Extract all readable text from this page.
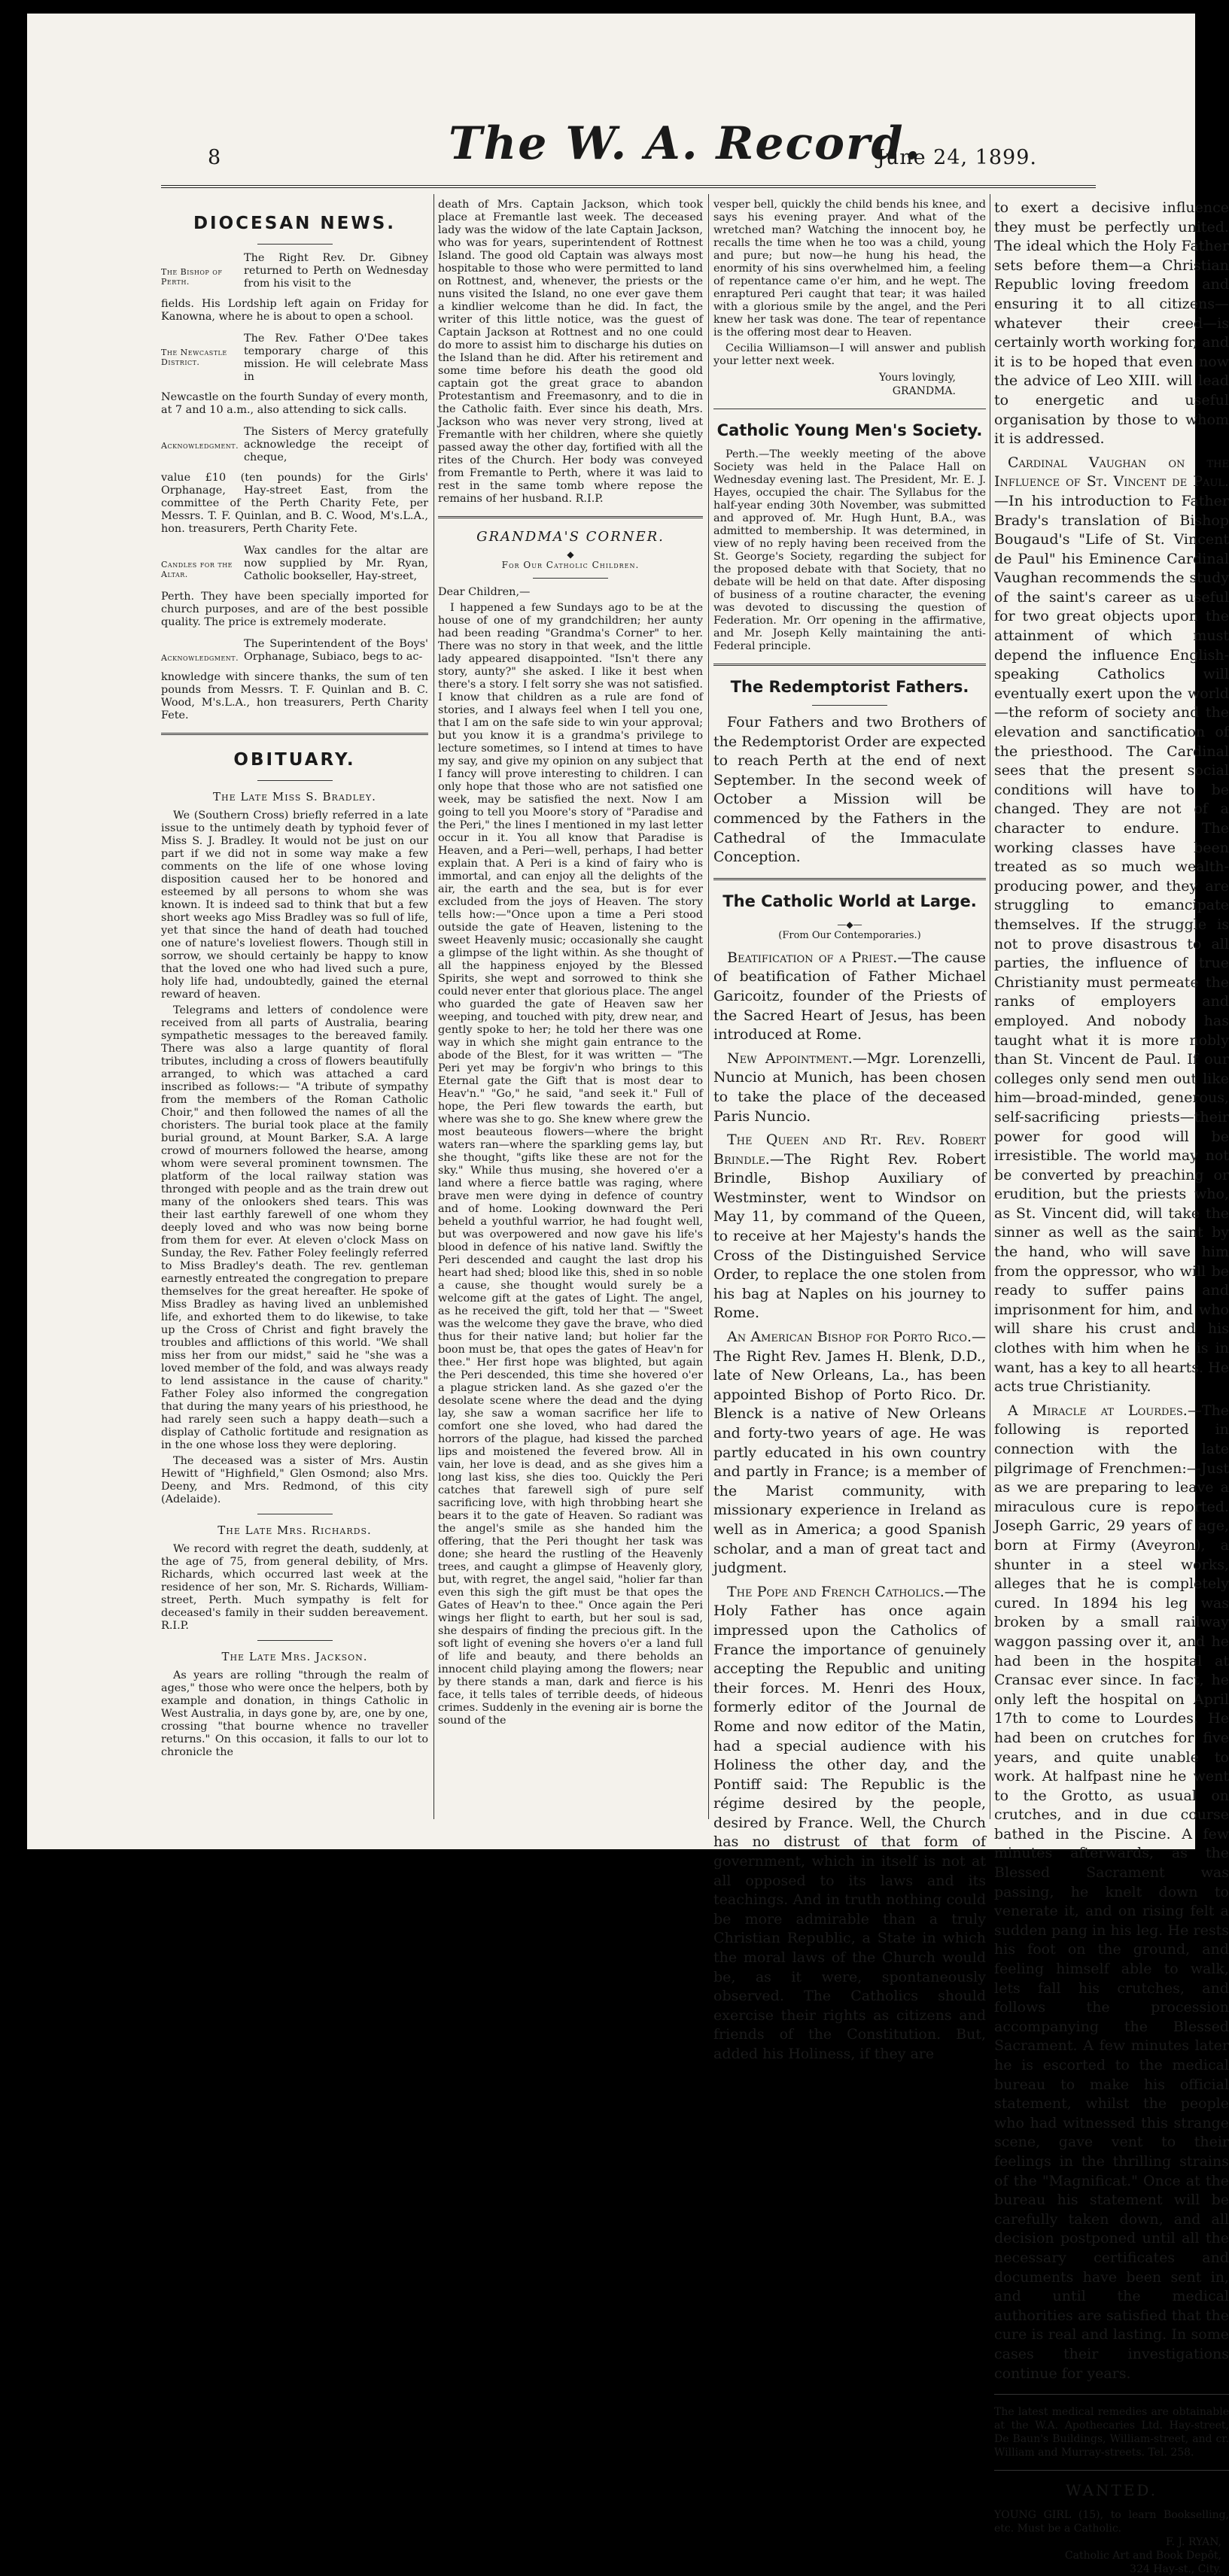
8	The W. A. Record.
June 24, 1899.
DIOCESAN NEWS.
The Bishop of Perth.
The Right Rev. Dr. Gibney returned to Perth on Wednesday from his visit to the
fields. His Lordship left again on Friday for Kanowna, where he is about to open a school.
The Newcastle District.
The Rev. Father O'Dee takes temporary charge of this mission. He will celebrate Mass in
Newcastle on the fourth Sunday of every month, at 7 and 10 a.m., also attending to sick calls.
Acknowledgment.
The Sisters of Mercy gratefully acknowledge the receipt of cheque,
value £10 (ten pounds) for the Girls' Orphanage, Hay-street East, from the committee of the Perth Charity Fete, per Messrs. T. F. Quinlan, and B. C. Wood, M's.L.A., hon. treasurers, Perth Charity Fete.
Candles for the Altar.
Wax candles for the altar are now supplied by Mr. Ryan, Catholic bookseller, Hay-street,
Perth. They have been specially imported for church purposes, and are of the best possible quality. The price is extremely moderate.
Acknowledgment.
The Superintendent of the Boys' Orphanage, Subiaco, begs to ac-
knowledge with sincere thanks, the sum of ten pounds from Messrs. T. F. Quinlan and B. C. Wood, M's.L.A., hon treasurers, Perth Charity Fete.
OBITUARY.
The Late Miss S. Bradley.

We (Southern Cross) briefly referred in a late issue to the untimely death by typhoid fever of Miss S. J. Bradley. It would not be just on our part if we did not in some way make a few comments on the life of one whose loving disposition caused her to be honored and esteemed by all persons to whom she was known. It is indeed sad to think that but a few short weeks ago Miss Bradley was so full of life, yet that since the hand of death had touched one of nature's loveliest flowers. Though still in sorrow, we should certainly be happy to know that the loved one who had lived such a pure, holy life had, undoubtedly, gained the eternal reward of heaven.

Telegrams and letters of condolence were received from all parts of Australia, bearing sympathetic messages to the bereaved family. There was also a large quantity of floral tributes, including a cross of flowers beautifully arranged, to which was attached a card inscribed as follows:— "A tribute of sympathy from the members of the Roman Catholic Choir," and then followed the names of all the choristers. The burial took place at the family burial ground, at Mount Barker, S.A. A large crowd of mourners followed the hearse, among whom were several prominent townsmen. The platform of the local railway station was thronged with people and as the train drew out many of the onlookers shed tears. This was their last earthly farewell of one whom they deeply loved and who was now being borne from them for ever. At eleven o'clock Mass on Sunday, the Rev. Father Foley feelingly referred to Miss Bradley's death. The rev. gentleman earnestly entreated the congregation to prepare themselves for the great hereafter. He spoke of Miss Bradley as having lived an unblemished life, and exhorted them to do likewise, to take up the Cross of Christ and fight bravely the troubles and afflictions of this world. "We shall miss her from our midst," said he "she was a loved member of the fold, and was always ready to lend assistance in the cause of charity." Father Foley also informed the congregation that during the many years of his priesthood, he had rarely seen such a happy death—such a display of Catholic fortitude and resignation as in the one whose loss they were deploring.

The deceased was a sister of Mrs. Austin Hewitt of "Highfield," Glen Osmond; also Mrs. Deeny, and Mrs. Redmond, of this city (Adelaide).

The Late Mrs. Richards.

We record with regret the death, suddenly, at the age of 75, from general debility, of Mrs. Richards, which occurred last week at the residence of her son, Mr. S. Richards, William-street, Perth. Much sympathy is felt for deceased's family in their sudden bereavement. R.I.P.

The Late Mrs. Jackson.

As years are rolling "through the realm of ages," those who were once the helpers, both by example and donation, in things Catholic in West Australia, in days gone by, are, one by one, crossing "that bourne whence no traveller returns." On this occasion, it falls to our lot to chronicle the

death of Mrs. Captain Jackson, which took place at Fremantle last week. The deceased lady was the widow of the late Captain Jackson, who was for years, superintendent of Rottnest Island. The good old Captain was always most hospitable to those who were permitted to land on Rottnest, and, whenever, the priests or the nuns visited the Island, no one ever gave them a kindlier welcome than he did. In fact, the writer of this little notice, was the guest of Captain Jackson at Rottnest and no one could do more to assist him to discharge his duties on the Island than he did. After his retirement and some time before his death the good old captain got the great grace to abandon Protestantism and Freemasonry, and to die in the Catholic faith. Ever since his death, Mrs. Jackson who was never very strong, lived at Fremantle with her children, where she quietly passed away the other day, fortified with all the rites of the Church. Her body was conveyed from Fremantle to Perth, where it was laid to rest in the same tomb where repose the remains of her husband. R.I.P.

GRANDMA'S CORNER.
◆
For Our Catholic Children.

Dear Children,—

I happened a few Sundays ago to be at the house of one of my grandchildren; her aunty had been reading "Grandma's Corner" to her. There was no story in that week, and the little lady appeared disappointed. "Isn't there any story, aunty?" she asked. I like it best when there's a story. I felt sorry she was not satisfied. I know that children as a rule are fond of stories, and I always feel when I tell you one, that I am on the safe side to win your approval; but you know it is a grandma's privilege to lecture sometimes, so I intend at times to have my say, and give my opinion on any subject that I fancy will prove interesting to children. I can only hope that those who are not satisfied one week, may be satisfied the next. Now I am going to tell you Moore's story of "Paradise and the Peri," the lines I mentioned in my last letter occur in it. You all know that Paradise is Heaven, and a Peri—well, perhaps, I had better explain that. A Peri is a kind of fairy who is immortal, and can enjoy all the delights of the air, the earth and the sea, but is for ever excluded from the joys of Heaven. The story tells how:—"Once upon a time a Peri stood outside the gate of Heaven, listening to the sweet Heavenly music; occasionally she caught a glimpse of the light within. As she thought of all the happiness enjoyed by the Blessed Spirits, she wept and sorrowed to think she could never enter that glorious place. The angel who guarded the gate of Heaven saw her weeping, and touched with pity, drew near, and gently spoke to her; he told her there was one way in which she might gain entrance to the abode of the Blest, for it was written — "The Peri yet may be forgiv'n who brings to this Eternal gate the Gift that is most dear to Heav'n." "Go," he said, "and seek it." Full of hope, the Peri flew towards the earth, but where was she to go. She knew where grew the most beauteous flowers—where the bright waters ran—where the sparkling gems lay, but she thought, "gifts like these are not for the sky." While thus musing, she hovered o'er a land where a fierce battle was raging, where brave men were dying in defence of country and of home. Looking downward the Peri beheld a youthful warrior, he had fought well, but was overpowered and now gave his life's blood in defence of his native land. Swiftly the Peri descended and caught the last drop his heart had shed; blood like this, shed in so noble a cause, she thought would surely be a welcome gift at the gates of Light. The angel, as he received the gift, told her that — "Sweet was the welcome they gave the brave, who died thus for their native land; but holier far the boon must be, that opes the gates of Heav'n for thee." Her first hope was blighted, but again the Peri descended, this time she hovered o'er a plague stricken land. As she gazed o'er the desolate scene where the dead and the dying lay, she saw a woman sacrifice her life to comfort one she loved, who had dared the horrors of the plague, had kissed the parched lips and moistened the fevered brow. All in vain, her love is dead, and as she gives him a long last kiss, she dies too. Quickly the Peri catches that farewell sigh of pure self sacrificing love, with high throbbing heart she bears it to the gate of Heaven. So radiant was the angel's smile as she handed him the offering, that the Peri thought her task was done; she heard the rustling of the Heavenly trees, and caught a glimpse of Heavenly glory, but, with regret, the angel said, "holier far than even this sigh the gift must be that opes the Gates of Heav'n to thee." Once again the Peri wings her flight to earth, but her soul is sad, she despairs of finding the precious gift. In the soft light of evening she hovers o'er a land full of life and beauty, and there beholds an innocent child playing among the flowers; near by there stands a man, dark and fierce is his face, it tells tales of terrible deeds, of hideous crimes. Suddenly in the evening air is borne the sound of the

vesper bell, quickly the child bends his knee, and says his evening prayer. And what of the wretched man? Watching the innocent boy, he recalls the time when he too was a child, young and pure; but now—he hung his head, the enormity of his sins overwhelmed him, a feeling of repentance came o'er him, and he wept. The enraptured Peri caught that tear; it was hailed with a glorious smile by the angel, and the Peri knew her task was done. The tear of repentance is the offering most dear to Heaven.

Cecilia Williamson—I will answer and publish your letter next week.

Yours lovingly,
GRANDMA.
Catholic Young Men's Society.

Perth.—The weekly meeting of the above Society was held in the Palace Hall on Wednesday evening last. The President, Mr. E. J. Hayes, occupied the chair. The Syllabus for the half-year ending 30th November, was submitted and approved of. Mr. Hugh Hunt, B.A., was admitted to membership. It was determined, in view of no reply having been received from the St. George's Society, regarding the subject for the proposed debate with that Society, that no debate will be held on that date. After disposing of business of a routine character, the evening was devoted to discussing the question of Federation. Mr. Orr opening in the affirmative, and Mr. Joseph Kelly maintaining the anti-Federal principle.

The Redemptorist Fathers.

Four Fathers and two Brothers of the Redemptorist Order are expected to reach Perth at the end of next September. In the second week of October a Mission will be commenced by the Fathers in the Cathedral of the Immaculate Conception.

The Catholic World at Large.
—◆—
(From Our Contemporaries.)

Beatification of a Priest.—The cause of beatification of Father Michael Garicoitz, founder of the Priests of the Sacred Heart of Jesus, has been introduced at Rome.

New Appointment.—Mgr. Lorenzelli, Nuncio at Munich, has been chosen to take the place of the deceased Paris Nuncio.

The Queen and Rt. Rev. Robert Brindle.—The Right Rev. Robert Brindle, Bishop Auxiliary of Westminster, went to Windsor on May 11, by command of the Queen, to receive at her Majesty's hands the Cross of the Distinguished Service Order, to replace the one stolen from his bag at Naples on his journey to Rome.

An American Bishop for Porto Rico.—The Right Rev. James H. Blenk, D.D., late of New Orleans, La., has been appointed Bishop of Porto Rico. Dr. Blenck is a native of New Orleans and forty-two years of age. He was partly educated in his own country and partly in France; is a member of the Marist community, with missionary experience in Ireland as well as in America; a good Spanish scholar, and a man of great tact and judgment.

The Pope and French Catholics.—The Holy Father has once again impressed upon the Catholics of France the importance of genuinely accepting the Republic and uniting their forces. M. Henri des Houx, formerly editor of the Journal de Rome and now editor of the Matin, had a special audience with his Holiness the other day, and the Pontiff said: The Republic is the régime desired by the people, desired by France. Well, the Church has no distrust of that form of government, which in itself is not at all opposed to its laws and its teachings. And in truth nothing could be more admirable than a truly Christian Republic, a State in which the moral laws of the Church would be, as it were, spontaneously observed. The Catholics should exercise their rights as citizens and friends of the Constitution. But, added his Holiness, if they are

to exert a decisive influence they must be perfectly united. The ideal which the Holy Father sets before them—a Christian Republic loving freedom and ensuring it to all citizens—whatever their creed—is certainly worth working for, and it is to be hoped that even now the advice of Leo XIII. will lead to energetic and useful organisation by those to whom it is addressed.

Cardinal Vaughan on the Influence of St. Vincent de Paul.—In his introduction to Father Brady's translation of Bishop Bougaud's "Life of St. Vincent de Paul" his Eminence Cardinal Vaughan recommends the study of the saint's career as useful for two great objects upon the attainment of which must depend the influence English-speaking Catholics will eventually exert upon the world—the reform of society and the elevation and sanctification of the priesthood. The Cardinal sees that the present social conditions will have to be changed. They are not of a character to endure. The working classes have been treated as so much wealth-producing power, and they are struggling to emancipate themselves. If the struggle is not to prove disastrous to all parties, the influence of true Christianity must permeate the ranks of employers and employed. And nobody has taught what it is more nobly than St. Vincent de Paul. If our colleges only send men out like him—broad-minded, generous, self-sacrificing priests—their power for good will be irresistible. The world may not be converted by preaching or erudition, but the priests who, as St. Vincent did, will take the sinner as well as the saint by the hand, who will save him from the oppressor, who will be ready to suffer pains and imprisonment for him, and who will share his crust and his clothes with him when he is in want, has a key to all hearts. He acts true Christianity.

A Miracle at Lourdes.—The following is reported in connection with the late pilgrimage of Frenchmen:—Just as we are preparing to leave a miraculous cure is reported. Joseph Garric, 29 years of age, born at Firmy (Aveyron), a shunter in a steel works, alleges that he is completely cured. In 1894 his leg was broken by a small railway waggon passing over it, and he had been in the hospital at Cransac ever since. In fact, he only left the hospital on April 17th to come to Lourdes. He had been on crutches for five years, and quite unable to work. At halfpast nine he went to the Grotto, as usual on crutches, and in due course bathed in the Piscine. A few minutes afterwards, as the Blessed Sacrament was passing, he knelt down to venerate it, and on rising felt a sudden pang in his leg. He rests his foot on the ground, and feeling himself able to walk, lets fall his crutches, and follows the procession accompanying the Blessed Sacrament. A few minutes later he is escorted to the medical bureau to make his official statement, whilst the people who had witnessed this strange scene, gave vent to their feelings in the thrilling strains of the "Magnificat." Once at the bureau his statement will be carefully taken down, and all decision postponed until all the necessary certificates and documents have been sent in, and until the medical authorities are satisfied that the cure is real and lasting. In some cases their investigations continue for years.

The latest medical remedies are obtainable at the W.A. Apothecaries Ltd. Hay-street, De Baun's Buildings, William-street, and cr. William and Murray-streets. Tel. 258.
WANTED.
YOUNG GIRL (15), to learn Bookselling, etc. Must be a Catholic.
F. J. RYAN,
Catholic Art and Book Depôt,
324 Hay-st., City.
